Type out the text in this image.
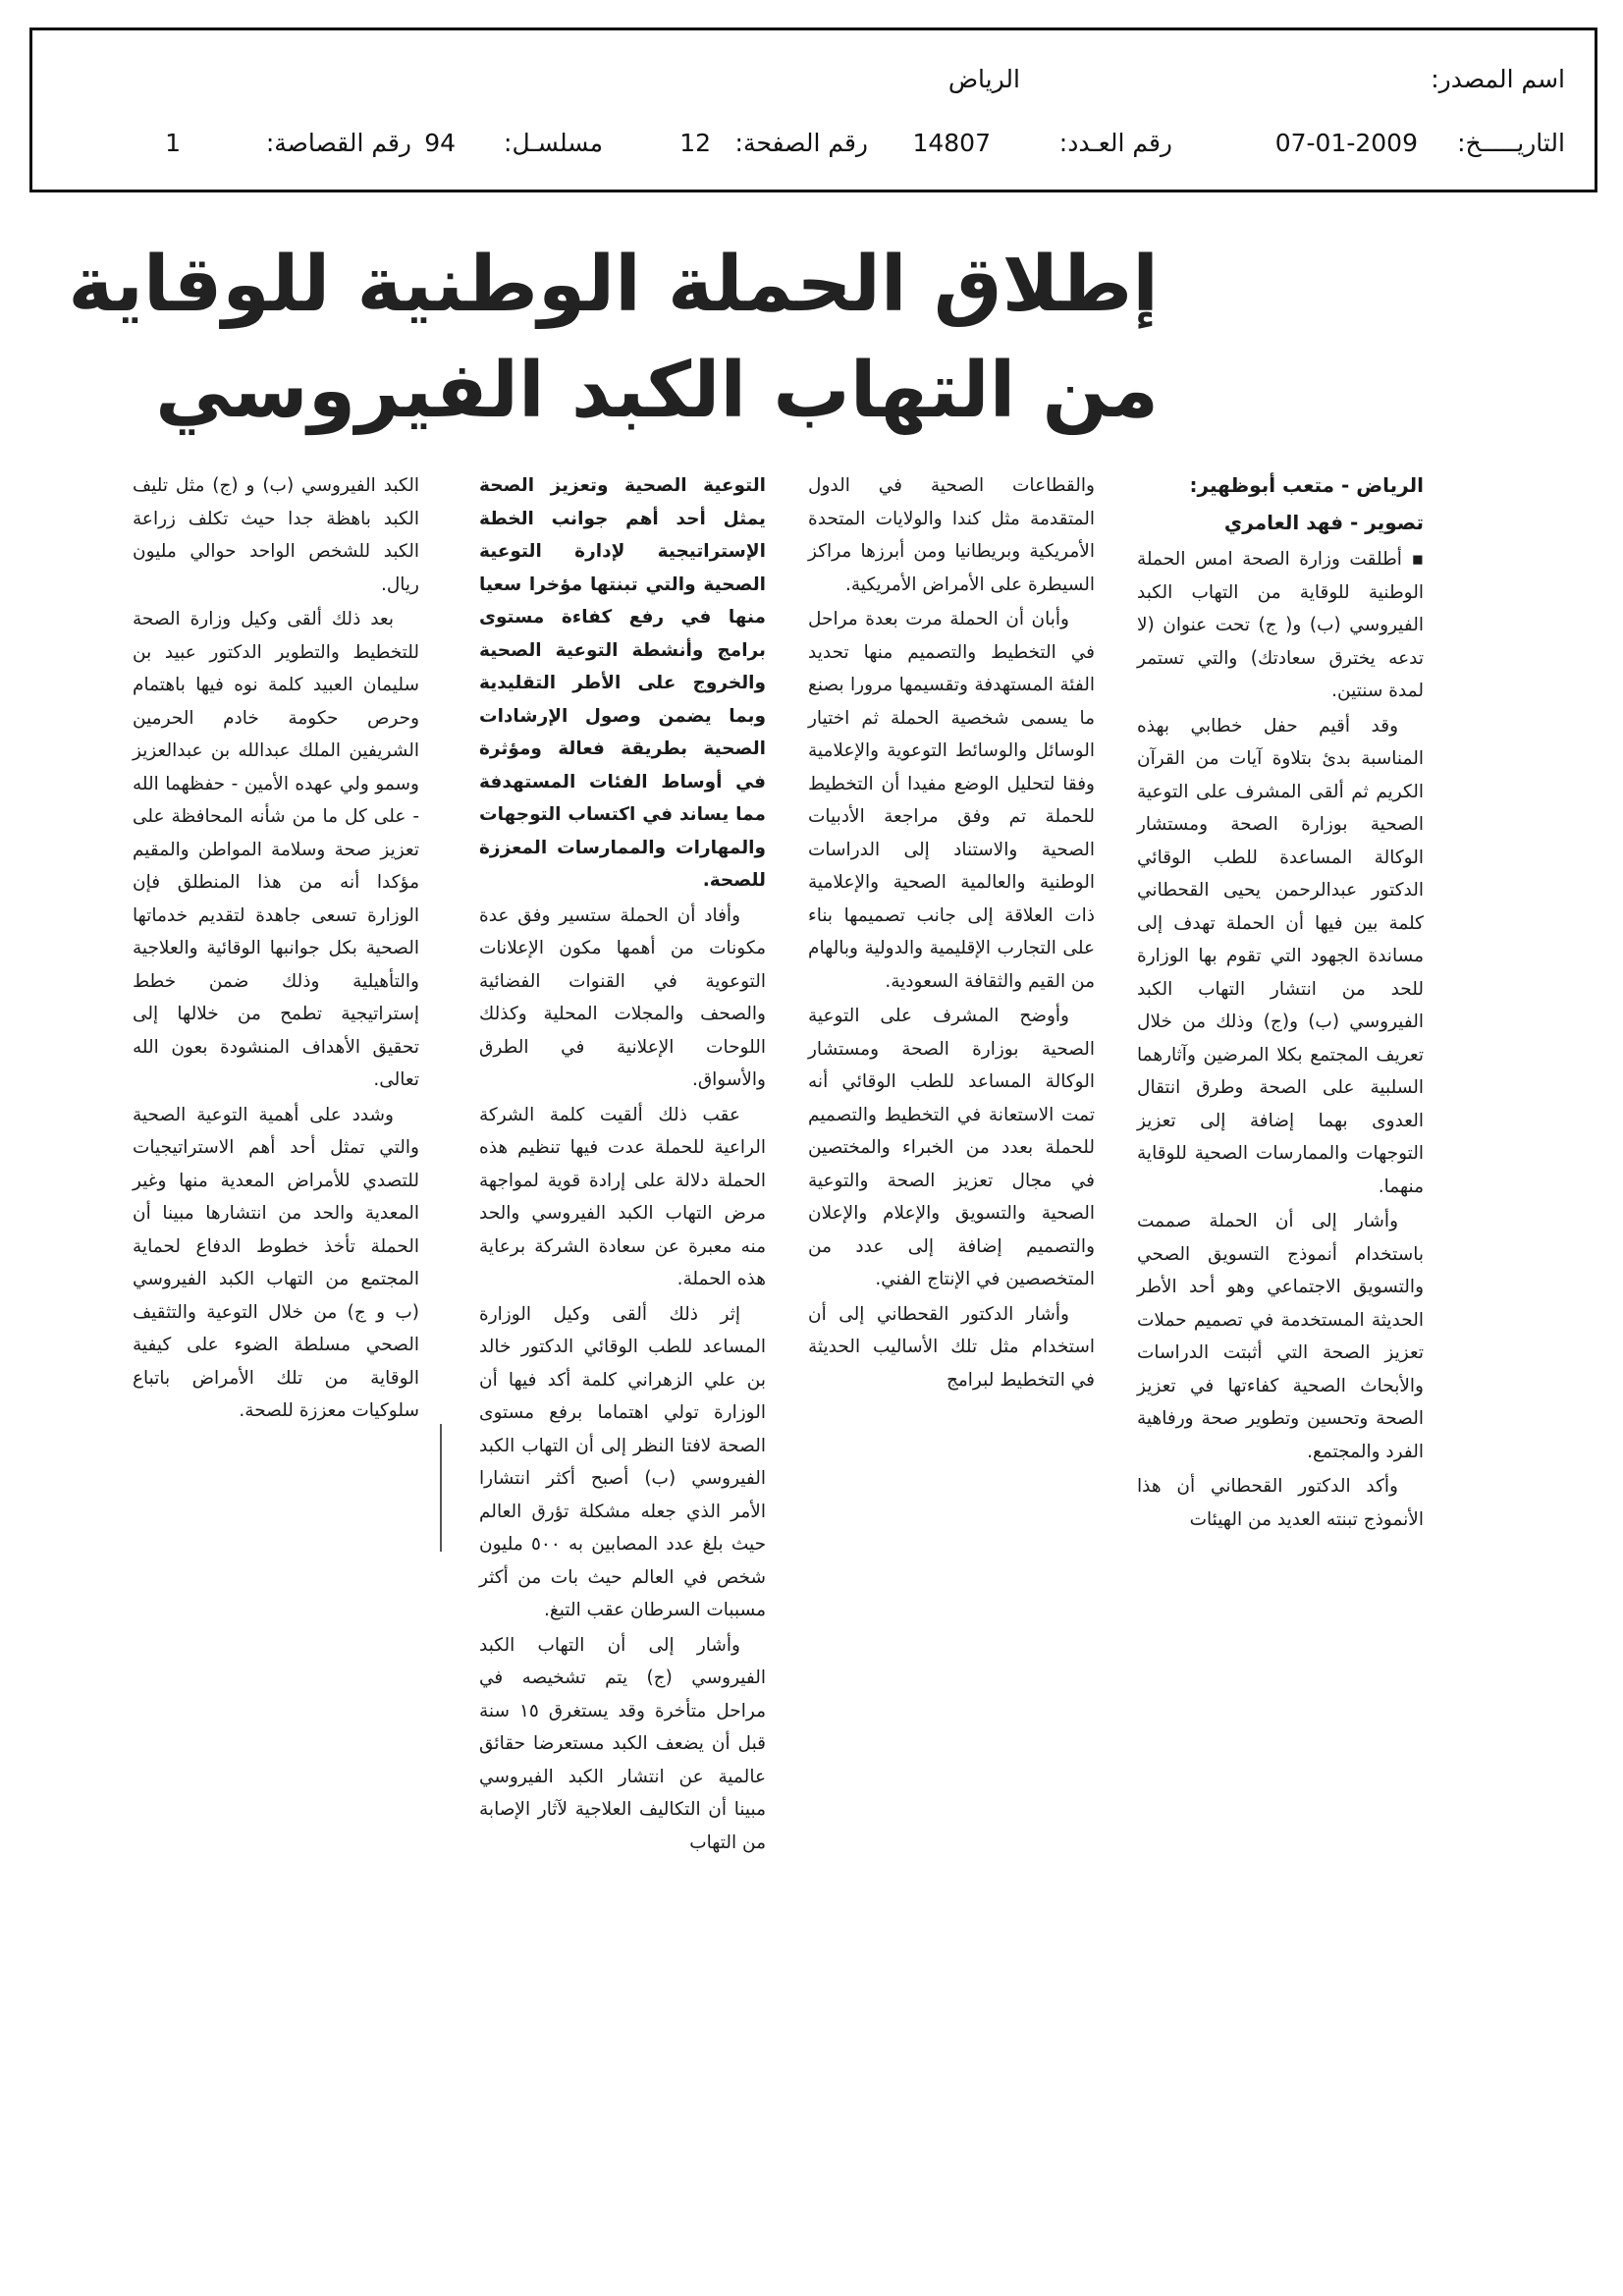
اسم المصدر:
الرياض
التاريـــــخ:
07-01-2009
رقم العـدد:
14807
رقم الصفحة:
12
مسلسـل:
94
رقم القصاصة:
1
إطلاق الحملة الوطنية للوقاية
من التهاب الكبد الفيروسي
الرياض - متعب أبوظهير:
تصوير - فهد العامري

▪ أطلقت وزارة الصحة امس الحملة الوطنية للوقاية من التهاب الكبد الفيروسي (ب) و( ج) تحت عنوان (لا تدعه يخترق سعادتك) والتي تستمر لمدة سنتين.

وقد أقيم حفل خطابي بهذه المناسبة بدئ بتلاوة آيات من القرآن الكريم ثم ألقى المشرف على التوعية الصحية بوزارة الصحة ومستشار الوكالة المساعدة للطب الوقائي الدكتور عبدالرحمن يحيى القحطاني كلمة بين فيها أن الحملة تهدف إلى مساندة الجهود التي تقوم بها الوزارة للحد من انتشار التهاب الكبد الفيروسي (ب) و(ج) وذلك من خلال تعريف المجتمع بكلا المرضين وآثارهما السلبية على الصحة وطرق انتقال العدوى بهما إضافة إلى تعزيز التوجهات والممارسات الصحية للوقاية منهما.

وأشار إلى أن الحملة صممت باستخدام أنموذج التسويق الصحي والتسويق الاجتماعي وهو أحد الأطر الحديثة المستخدمة في تصميم حملات تعزيز الصحة التي أثبتت الدراسات والأبحاث الصحية كفاءتها في تعزيز الصحة وتحسين وتطوير صحة ورفاهية الفرد والمجتمع.

وأكد الدكتور القحطاني أن هذا الأنموذج تبنته العديد من الهيئات

والقطاعات الصحية في الدول المتقدمة مثل كندا والولايات المتحدة الأمريكية وبريطانيا ومن أبرزها مراكز السيطرة على الأمراض الأمريكية.

وأبان أن الحملة مرت بعدة مراحل في التخطيط والتصميم منها تحديد الفئة المستهدفة وتقسيمها مرورا بصنع ما يسمى شخصية الحملة ثم اختيار الوسائل والوسائط التوعوية والإعلامية وفقا لتحليل الوضع مفيدا أن التخطيط للحملة تم وفق مراجعة الأدبيات الصحية والاستناد إلى الدراسات الوطنية والعالمية الصحية والإعلامية ذات العلاقة إلى جانب تصميمها بناء على التجارب الإقليمية والدولية وبالهام من القيم والثقافة السعودية.

وأوضح المشرف على التوعية الصحية بوزارة الصحة ومستشار الوكالة المساعد للطب الوقائي أنه تمت الاستعانة في التخطيط والتصميم للحملة بعدد من الخبراء والمختصين في مجال تعزيز الصحة والتوعية الصحية والتسويق والإعلام والإعلان والتصميم إضافة إلى عدد من المتخصصين في الإنتاج الفني.

وأشار الدكتور القحطاني إلى أن استخدام مثل تلك الأساليب الحديثة في التخطيط لبرامج

التوعية الصحية وتعزيز الصحة يمثل أحد أهم جوانب الخطة الإستراتيجية لإدارة التوعية الصحية والتي تبنتها مؤخرا سعيا منها في رفع كفاءة مستوى برامج وأنشطة التوعية الصحية والخروج على الأطر التقليدية وبما يضمن وصول الإرشادات الصحية بطريقة فعالة ومؤثرة في أوساط الفئات المستهدفة مما يساند في اكتساب التوجهات والمهارات والممارسات المعززة للصحة.

وأفاد أن الحملة ستسير وفق عدة مكونات من أهمها مكون الإعلانات التوعوية في القنوات الفضائية والصحف والمجلات المحلية وكذلك اللوحات الإعلانية في الطرق والأسواق.

عقب ذلك ألقيت كلمة الشركة الراعية للحملة عدت فيها تنظيم هذه الحملة دلالة على إرادة قوية لمواجهة مرض التهاب الكبد الفيروسي والحد منه معبرة عن سعادة الشركة برعاية هذه الحملة.

إثر ذلك ألقى وكيل الوزارة المساعد للطب الوقائي الدكتور خالد بن علي الزهراني كلمة أكد فيها أن الوزارة تولي اهتماما برفع مستوى الصحة لافتا النظر إلى أن التهاب الكبد الفيروسي (ب) أصبح أكثر انتشارا الأمر الذي جعله مشكلة تؤرق العالم حيث بلغ عدد المصابين به ٥٠٠ مليون شخص في العالم حيث بات من أكثر مسببات السرطان عقب التبغ.

وأشار إلى أن التهاب الكبد الفيروسي (ج) يتم تشخيصه في مراحل متأخرة وقد يستغرق ١٥ سنة قبل أن يضعف الكبد مستعرضا حقائق عالمية عن انتشار الكبد الفيروسي مبينا أن التكاليف العلاجية لآثار الإصابة من التهاب

الكبد الفيروسي (ب) و (ج) مثل تليف الكبد باهظة جدا حيث تكلف زراعة الكبد للشخص الواحد حوالي مليون ريال.

بعد ذلك ألقى وكيل وزارة الصحة للتخطيط والتطوير الدكتور عبيد بن سليمان العبيد كلمة نوه فيها باهتمام وحرص حكومة خادم الحرمين الشريفين الملك عبدالله بن عبدالعزيز وسمو ولي عهده الأمين - حفظهما الله - على كل ما من شأنه المحافظة على تعزيز صحة وسلامة المواطن والمقيم مؤكدا أنه من هذا المنطلق فإن الوزارة تسعى جاهدة لتقديم خدماتها الصحية بكل جوانبها الوقائية والعلاجية والتأهيلية وذلك ضمن خطط إستراتيجية تطمح من خلالها إلى تحقيق الأهداف المنشودة بعون الله تعالى.

وشدد على أهمية التوعية الصحية والتي تمثل أحد أهم الاستراتيجيات للتصدي للأمراض المعدية منها وغير المعدية والحد من انتشارها مبينا أن الحملة تأخذ خطوط الدفاع لحماية المجتمع من التهاب الكبد الفيروسي (ب و ج) من خلال التوعية والتثقيف الصحي مسلطة الضوء على كيفية الوقاية من تلك الأمراض باتباع سلوكيات معززة للصحة.
